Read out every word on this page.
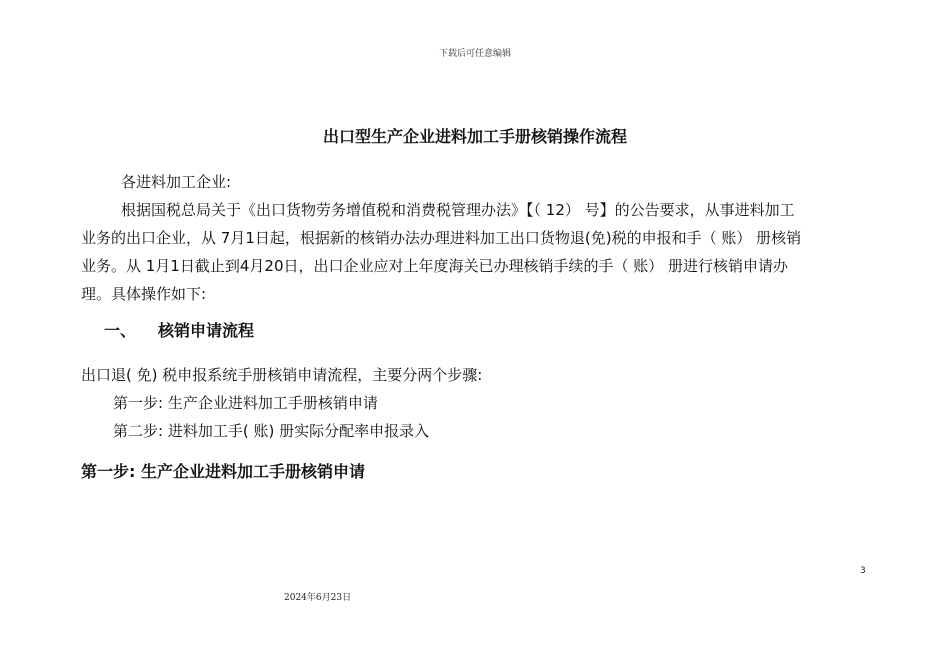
下载后可任意编辑
出口型生产企业进料加工手册核销操作流程
各进料加工企业:
根据国税总局关于《出口货物劳务增值税和消费税管理办法》【（ 12） 号】的公告要求，从事进料加工
业务的出口企业，从 7月1日起，根据新的核销办法办理进料加工出口货物退(免)税的申报和手（ 账） 册核销
业务。从 1月1日截止到4月20日，出口企业应对上年度海关已办理核销手续的手（ 账） 册进行核销申请办
理。具体操作如下:
一、 核销申请流程
出口退( 免) 税申报系统手册核销申请流程，主要分两个步骤:
第一步: 生产企业进料加工手册核销申请
第二步: 进料加工手( 账) 册实际分配率申报录入
第一步: 生产企业进料加工手册核销申请
3
2024年6月23日
